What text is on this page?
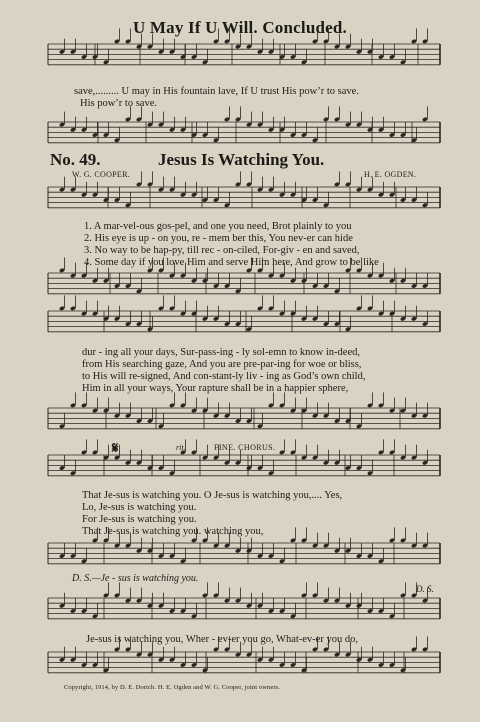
U May If U Will. Concluded.
save,......... U may in His fountain lave, If U trust His pow’r to save.
His pow’r to save.
No. 49.	Jesus Is Watching You.
W. G. COOPER.	H. E. OGDEN.
1. A mar-vel-ous gos-pel, and one you need, Brot plainly to you
2. His eye is up - on you, re - mem ber this, You nev-er can hide
3. No way to be hap-py, till rec - on-ciled, For-giv - en and saved,
4. Some day if you love Him and serve Him here, And grow to be like
dur - ing all your days, Sur-pass-ing - ly sol-emn to know in-deed,
from His searching gaze, And you are pre-par-ing for woe or bliss,
to His will re-signed, And con-stant-ly liv - ing as God’s own child,
Him in all your ways, Your rapture shall be in a happier sphere,
𝄋	rit.	FINE. CHORUS.
That Je-sus is watching you. O Je-sus is watching you,.... Yes,
Lo, Je-sus is watching you.
For Je-sus is watching you.
That Je-sus is watching you. watching you,
D. S.—Je - sus is watching you.
D. S.
Je-sus is watching you, Wher - ev-er you go, What-ev-er you do,
Copyright, 1914, by D. E. Dortch. H. E. Ogden and W. G. Cooper, joint owners.
